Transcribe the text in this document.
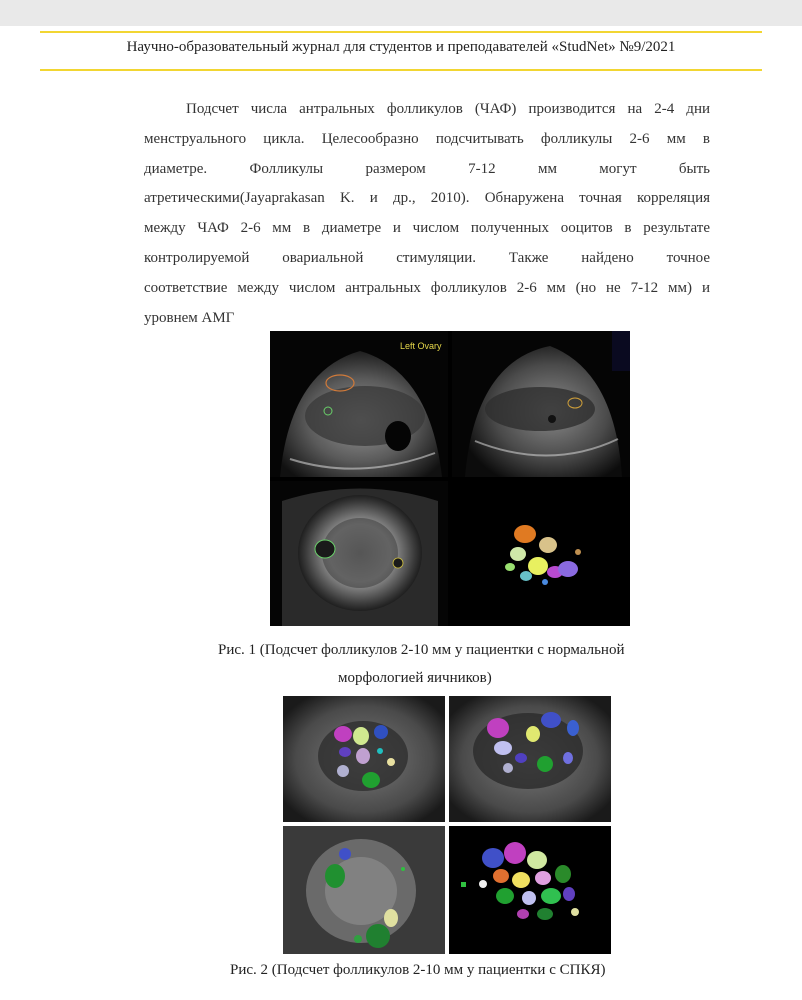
Научно-образовательный журнал для студентов и преподавателей «StudNet» №9/2021
Подсчет числа антральных фолликулов (ЧАФ) производится на 2-4 дни
менструального цикла. Целесообразно подсчитывать фолликулы 2-6 мм в
диаметре. Фолликулы размером 7-12 мм могут быть
атретическими(Jayaprakasan K. и др., 2010). Обнаружена точная корреляция
между ЧАФ 2-6 мм в диаметре и числом полученных ооцитов в результате
контролируемой овариальной стимуляции. Также найдено точное
соответствие между числом антральных фолликулов 2-6 мм (но не 7-12 мм) и
уровнем АМГ
Left Ovary
Рис. 1 (Подсчет фолликулов 2-10 мм у пациентки с нормальной
морфологией яичников)
Рис. 2 (Подсчет фолликулов 2-10 мм у пациентки с СПКЯ)
